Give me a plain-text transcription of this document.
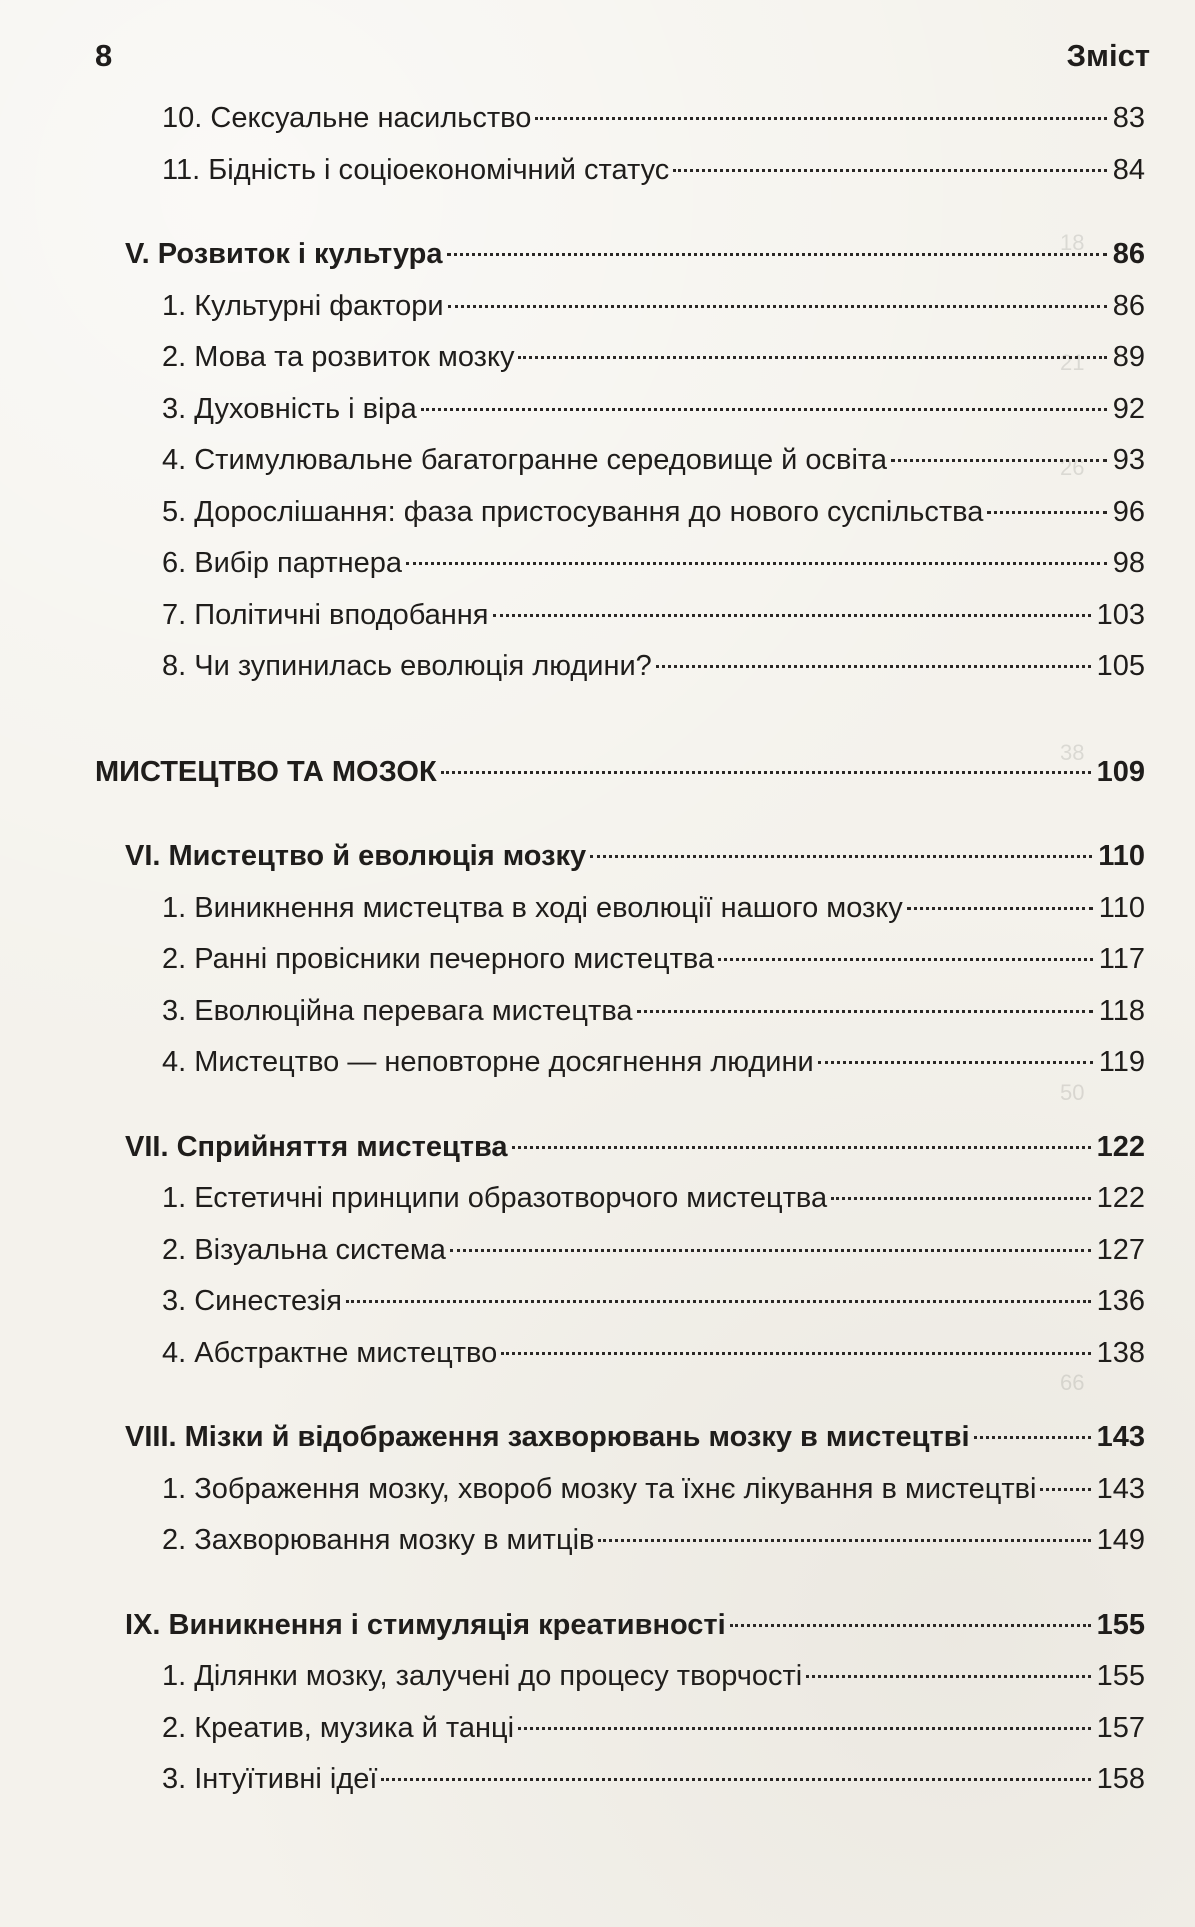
18
21
26
38
50
66
8	Зміст
10. Сексуальне насильство	83
11. Бідність і соціоекономічний статус	84
V. Розвиток і культура	86
1. Культурні фактори	86
2. Мова та розвиток мозку	89
3. Духовність і віра	92
4. Стимулювальне багатогранне середовище й освіта	93
5. Дорослішання: фаза пристосування до нового суспільства	96
6. Вибір партнера	98
7. Політичні вподобання	103
8. Чи зупинилась еволюція людини?	105
МИСТЕЦТВО ТА МОЗОК	109
VI. Мистецтво й еволюція мозку	110
1. Виникнення мистецтва в ході еволюції нашого мозку	110
2. Ранні провісники печерного мистецтва	117
3. Еволюційна перевага мистецтва	118
4. Мистецтво — неповторне досягнення людини	119
VII. Сприйняття мистецтва	122
1. Естетичні принципи образотворчого мистецтва	122
2. Візуальна система	127
3. Синестезія	136
4. Абстрактне мистецтво	138
VIII. Мізки й відображення захворювань мозку в мистецтві	143
1. Зображення мозку, хвороб мозку та їхнє лікування в мистецтві 143
2. Захворювання мозку в митців	149
IX. Виникнення і стимуляція креативності	155
1. Ділянки мозку, залучені до процесу творчості	155
2. Креатив, музика й танці	157
3. Інтуїтивні ідеї	158
